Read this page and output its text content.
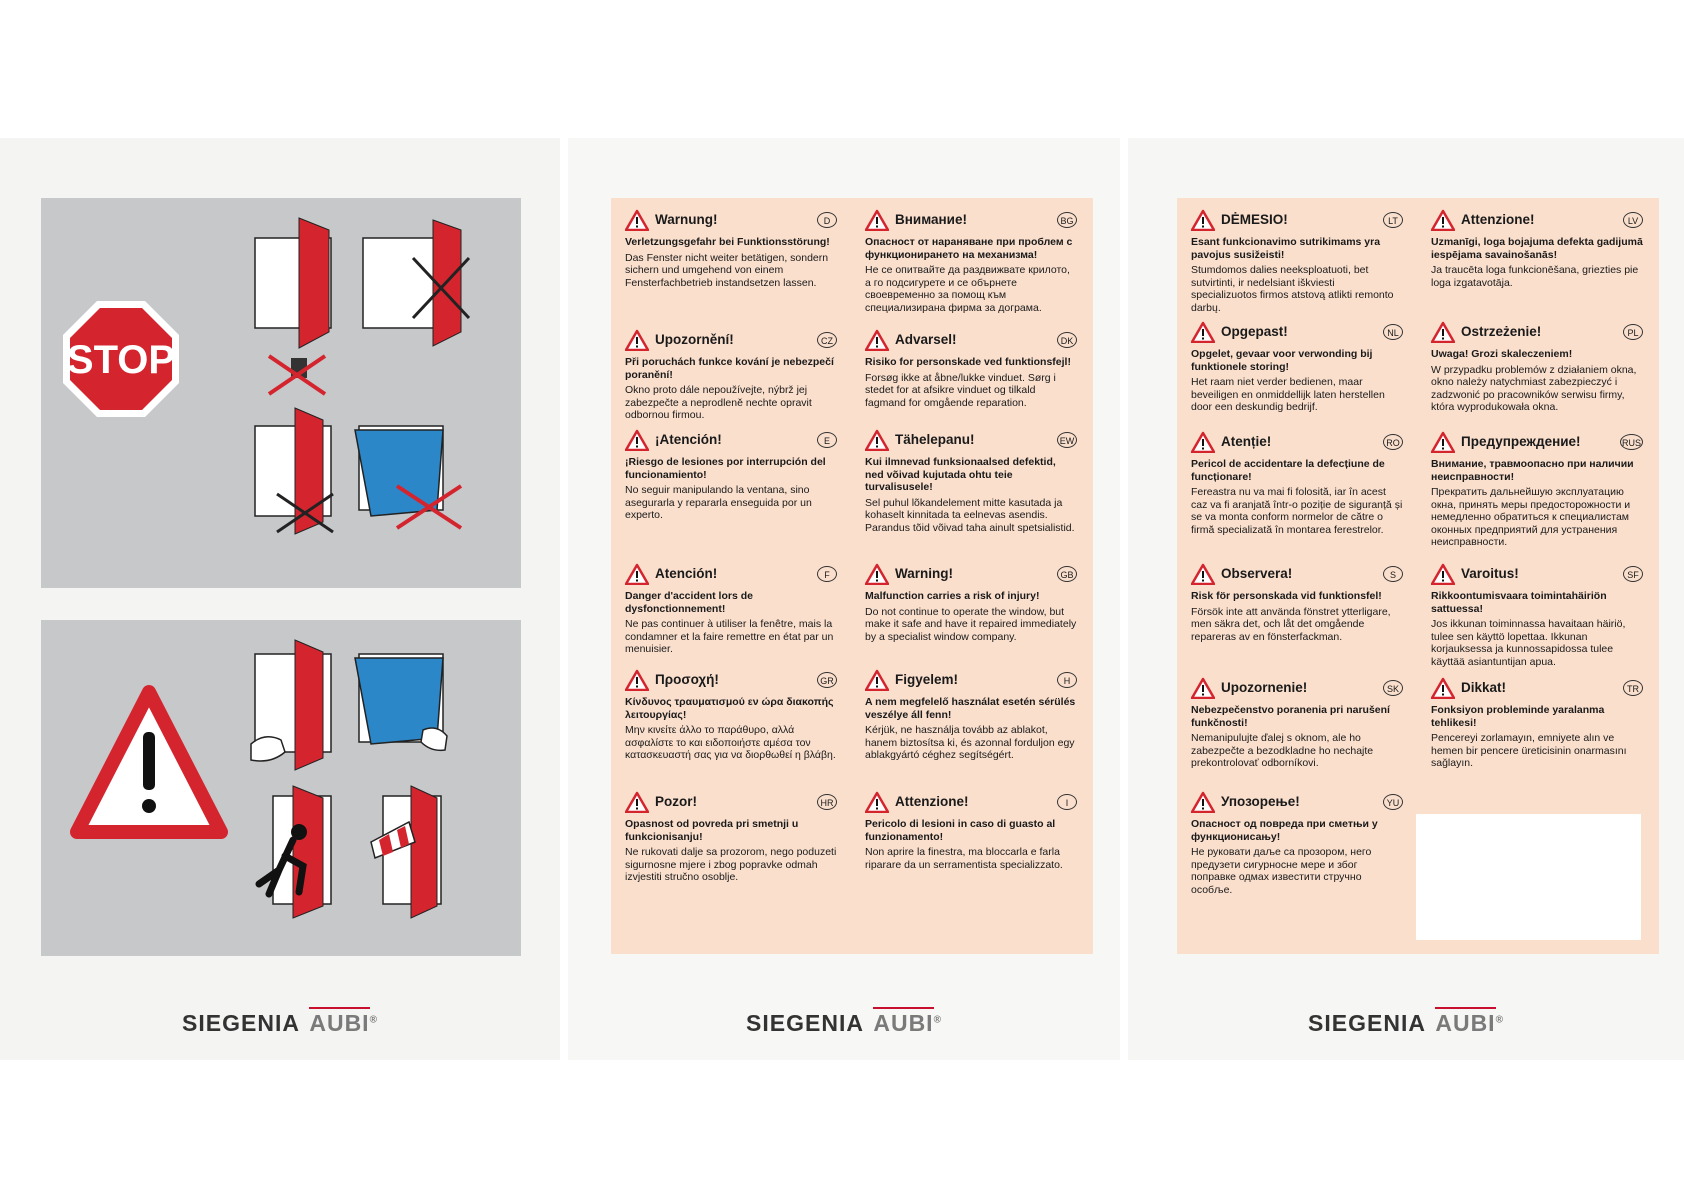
STOP
SIEGENIA AUBI®
Warnung!	D
Verletzungsgefahr bei Funktionsstörung!
Das Fenster nicht weiter betätigen, sondern sichern und umgehend von einem Fensterfachbetrieb instandsetzen lassen.
Upozornění!	CZ
Při poruchách funkce kování je nebezpečí poranění!
Okno proto dále nepoužívejte, nýbrž jej zabezpečte a neprodleně nechte opravit odbornou firmou.
¡Atención!	E
¡Riesgo de lesiones por interrupción del funcionamiento!
No seguir manipulando la ventana, sino asegurarla y repararla enseguida por un experto.
Atención!	F
Danger d'accident lors de dysfonctionnement!
Ne pas continuer à utiliser la fenêtre, mais la condamner et la faire remettre en état par un menuisier.
Προσοχή!	GR
Κίνδυνος τραυματισμού εν ώρα διακοπής λειτουργίας!
Μην κινείτε άλλο το παράθυρο, αλλά ασφαλίστε το και ειδοποιήστε αμέσα τον κατασκευαστή σας για να διορθωθεί η βλάβη.
Pozor!	HR
Opasnost od povreda pri smetnji u funkcionisanju!
Ne rukovati dalje sa prozorom, nego poduzeti sigurnosne mjere i zbog popravke odmah izvjestiti stručno osoblje.
Внимание!	BG
Опасност от нараняване при проблем с функционирането на механизма!
Не се опитвайте да раздвижвате крилото, а го подсигурете и се обърнете своевременно за помощ към специализирана фирма за дограма.
Advarsel!	DK
Risiko for personskade ved funktionsfejl!
Forsøg ikke at åbne/lukke vinduet. Sørg i stedet for at afsikre vinduet og tilkald fagmand for omgående reparation.
Tähelepanu!	EW
Kui ilmnevad funksionaalsed defektid, ned võivad kujutada ohtu teie turvalisusele!
Sel puhul lõkandelement mitte kasutada ja kohaselt kinnitada ta eelnevas asendis. Parandus tõid võivad taha ainult spetsialistid.
Warning!	GB
Malfunction carries a risk of injury!
Do not continue to operate the window, but make it safe and have it repaired immediately by a specialist window company.
Figyelem!	H
A nem megfelelő használat esetén sérülés veszélye áll fenn!
Kérjük, ne használja tovább az ablakot, hanem biztosítsa ki, és azonnal forduljon egy ablakgyártó céghez segítségért.
Attenzione!	I
Pericolo di lesioni in caso di guasto al funzionamento!
Non aprire la finestra, ma bloccarla e farla riparare da un serramentista specializzato.
SIEGENIA AUBI®
DĖMESIO!	LT
Esant funkcionavimo sutrikimams yra pavojus susižeisti!
Stumdomos dalies neeksploatuoti, bet sutvirtinti, ir nedelsiant iškviesti specializuotos firmos atstovą atlikti remonto darbų.
Opgepast!	NL
Opgelet, gevaar voor verwonding bij funktionele storing!
Het raam niet verder bedienen, maar beveiligen en onmiddellijk laten herstellen door een deskundig bedrijf.
Atenție!	RO
Pericol de accidentare la defecțiune de funcționare!
Fereastra nu va mai fi folosită, iar în acest caz va fi aranjată într-o poziție de siguranță și se va monta conform normelor de către o firmă specializată în montarea ferestrelor.
Observera!	S
Risk för personskada vid funktionsfel!
Försök inte att använda fönstret ytterligare, men säkra det, och låt det omgående repareras av en fönsterfackman.
Upozornenie!	SK
Nebezpečenstvo poranenia pri narušení funkčnosti!
Nemanipulujte ďalej s oknom, ale ho zabezpečte a bezodkladne ho nechajte prekontrolovať odborníkovi.
Упозорење!	YU
Опасност од повреда при сметњи у функционисању!
Не руковати даље са прозором, него предузети сигурносне мере и због поправке одмах известити стручно особље.
Attenzione!	LV
Uzmanīgi, loga bojajuma defekta gadijumā iespējama savainošanās!
Ja traucēta loga funkcionēšana, griezties pie loga izgatavotāja.
Ostrzeżenie!	PL
Uwaga! Grozi skaleczeniem!
W przypadku problemów z działaniem okna, okno należy natychmiast zabezpieczyć i zadzwonić po pracowników serwisu firmy, która wyprodukowała okna.
Предупреждение!	RUS
Внимание, травмоопасно при наличии неисправности!
Прекратить дальнейшую эксплуатацию окна, принять меры предосторожности и немедленно обратиться к специалистам оконных предприятий для устранения неисправности.
Varoitus!	SF
Rikkoontumisvaara toimintahäiriön sattuessa!
Jos ikkunan toiminnassa havaitaan häiriö, tulee sen käyttö lopettaa. Ikkunan korjauksessa ja kunnossapidossa tulee käyttää asiantuntijan apua.
Dikkat!	TR
Fonksiyon probleminde yaralanma tehlikesi!
Pencereyi zorlamayın, emniyete alın ve hemen bir pencere üreticisinin onarmasını sağlayın.
SIEGENIA AUBI®
